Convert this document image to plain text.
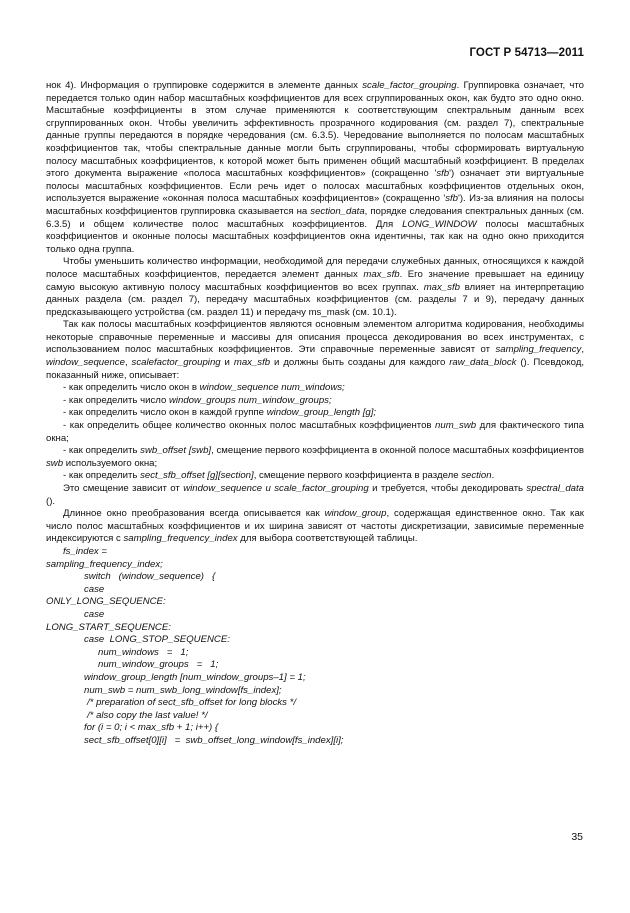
ГОСТ Р 54713—2011

нок 4). Информация о группировке содержится в элементе данных scale_factor_grouping. Группировка означает, что передается только один набор масштабных коэффициентов для всех сгруппированных окон, как будто это одно окно. Масштабные коэффициенты в этом случае применяются к соответствующим спектральным данным всех сгруппированных окон. Чтобы увеличить эффективность прозрачного кодирования (см. раздел 7), спектральные данные группы передаются в порядке чередования (см. 6.3.5). Чередование выполняется по полосам масштабных коэффициентов так, чтобы спектральные данные могли быть сгруппированы, чтобы сформировать виртуальную полосу масштабных коэффициентов, к которой может быть применен общий масштабный коэффициент. В пределах этого документа выражение «полоса масштабных коэффициентов» (сокращенно 'sfb') означает эти виртуальные полосы масштабных коэффициентов. Если речь идет о полосах масштабных коэффициентов отдельных окон, используется выражение «оконная полоса масштабных коэффициентов» (сокращенно 'sfb'). Из-за влияния на полосы масштабных коэффициентов группировка сказывается на section_data, порядке следования спектральных данных (см. 6.3.5) и общем количестве полос масштабных коэффициентов. Для LONG_WINDOW полосы масштабных коэффициентов и оконные полосы масштабных коэффициентов окна идентичны, так как на одно окно приходится только одна группа.

Чтобы уменьшить количество информации, необходимой для передачи служебных данных, относящихся к каждой полосе масштабных коэффициентов, передается элемент данных max_sfb. Его значение превышает на единицу самую высокую активную полосу масштабных коэффициентов во всех группах. max_sfb влияет на интерпретацию данных раздела (см. раздел 7), передачу масштабных коэффициентов (см. разделы 7 и 9), передачу данных предсказывающего устройства (см. раздел 11) и передачу ms_mask (см. 10.1).

Так как полосы масштабных коэффициентов являются основным элементом алгоритма кодирования, необходимы некоторые справочные переменные и массивы для описания процесса декодирования во всех инструментах, с использованием полос масштабных коэффициентов. Эти справочные переменные зависят от sampling_frequency, window_sequence, scalefactor_grouping и max_sfb и должны быть созданы для каждого raw_data_block (). Псевдокод, показанный ниже, описывает:

- как определить число окон в window_sequence num_windows;

- как определить число window_groups num_window_groups;

- как определить число окон в каждой группе window_group_length [g];

- как определить общее количество оконных полос масштабных коэффициентов num_swb для фактического типа окна;

- как определить swb_offset [swb], смещение первого коэффициента в оконной полосе масштабных коэффициентов swb используемого окна;

- как определить sect_sfb_offset [g][section], смещение первого коэффициента в разделе section.

Это смещение зависит от window_sequence u scale_factor_grouping и требуется, чтобы декодировать spectral_data ().

Длинное окно преобразования всегда описывается как window_group, содержащая единственное окно. Так как число полос масштабных коэффициентов и их ширина зависят от частоты дискретизации, зависимые переменные индексируются с sampling_frequency_index для выбора соответствующей таблицы.

fs_index =
sampling_frequency_index;
switch   (window_sequence)   {
case
ONLY_LONG_SEQUENCE:
case
LONG_START_SEQUENCE:
case  LONG_STOP_SEQUENCE:
num_windows   =   1;
num_window_groups   =   1;
window_group_length [num_window_groups–1] = 1;
num_swb = num_swb_long_window[fs_index];
/* preparation of sect_sfb_offset for long blocks */
/* also copy the last value! */
for (i = 0; i < max_sfb + 1; i++) {
sect_sfb_offset[0][i]   =  swb_offset_long_window[fs_index][i];
35
